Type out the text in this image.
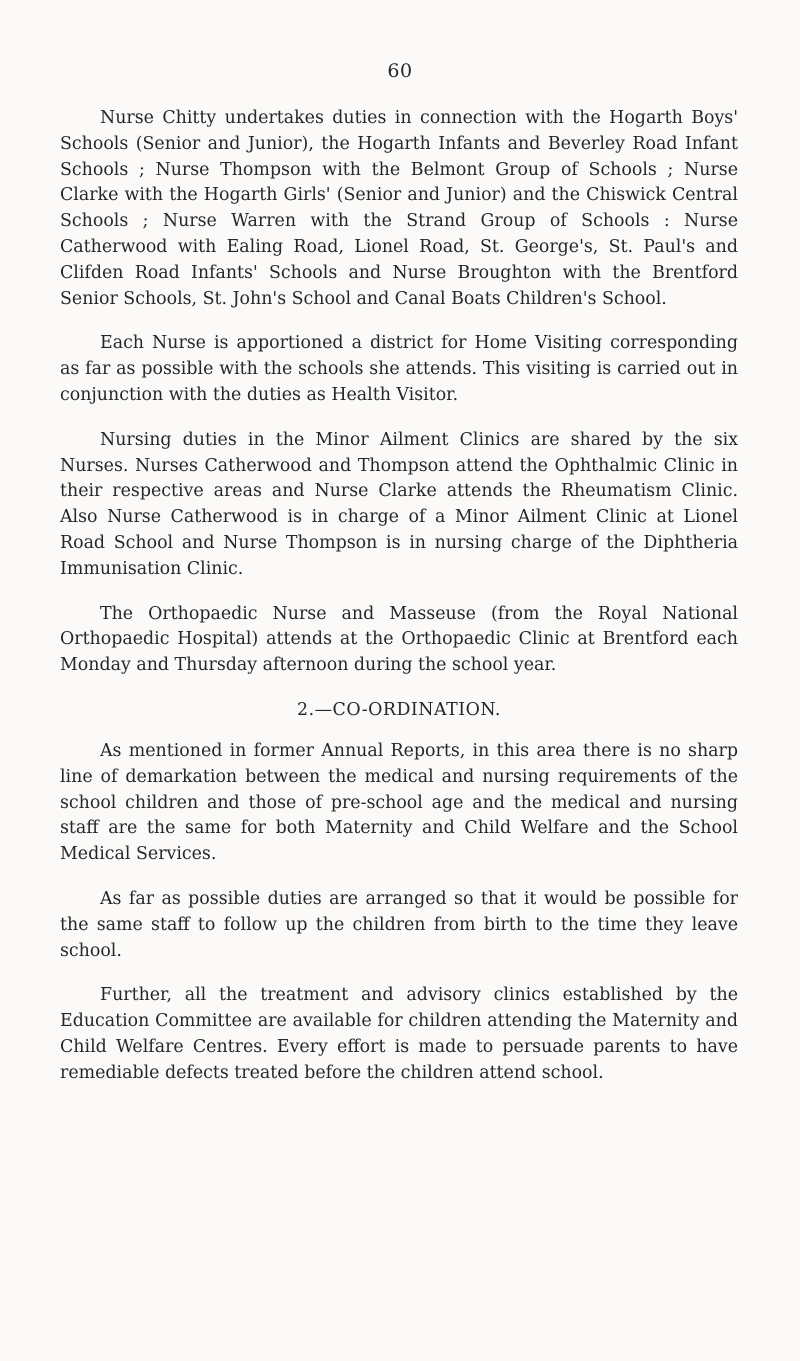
60

Nurse Chitty undertakes duties in connection with the Hogarth Boys' Schools (Senior and Junior), the Hogarth Infants and Beverley Road Infant Schools ; Nurse Thompson with the Belmont Group of Schools ; Nurse Clarke with the Hogarth Girls' (Senior and Junior) and the Chiswick Central Schools ; Nurse Warren with the Strand Group of Schools : Nurse Catherwood with Ealing Road, Lionel Road, St. George's, St. Paul's and Clifden Road Infants' Schools and Nurse Broughton with the Brentford Senior Schools, St. John's School and Canal Boats Children's School.

Each Nurse is apportioned a district for Home Visiting corresponding as far as possible with the schools she attends. This visiting is carried out in conjunction with the duties as Health Visitor.

Nursing duties in the Minor Ailment Clinics are shared by the six Nurses. Nurses Catherwood and Thompson attend the Ophthalmic Clinic in their respective areas and Nurse Clarke attends the Rheumatism Clinic. Also Nurse Catherwood is in charge of a Minor Ailment Clinic at Lionel Road School and Nurse Thompson is in nursing charge of the Diphtheria Immunisation Clinic.

The Orthopaedic Nurse and Masseuse (from the Royal National Orthopaedic Hospital) attends at the Orthopaedic Clinic at Brentford each Monday and Thursday afternoon during the school year.

2.—CO-ORDINATION.

As mentioned in former Annual Reports, in this area there is no sharp line of demarkation between the medical and nursing requirements of the school children and those of pre-school age and the medical and nursing staff are the same for both Maternity and Child Welfare and the School Medical Services.

As far as possible duties are arranged so that it would be possible for the same staff to follow up the children from birth to the time they leave school.

Further, all the treatment and advisory clinics established by the Education Committee are available for children attending the Maternity and Child Welfare Centres. Every effort is made to persuade parents to have remediable defects treated before the children attend school.
